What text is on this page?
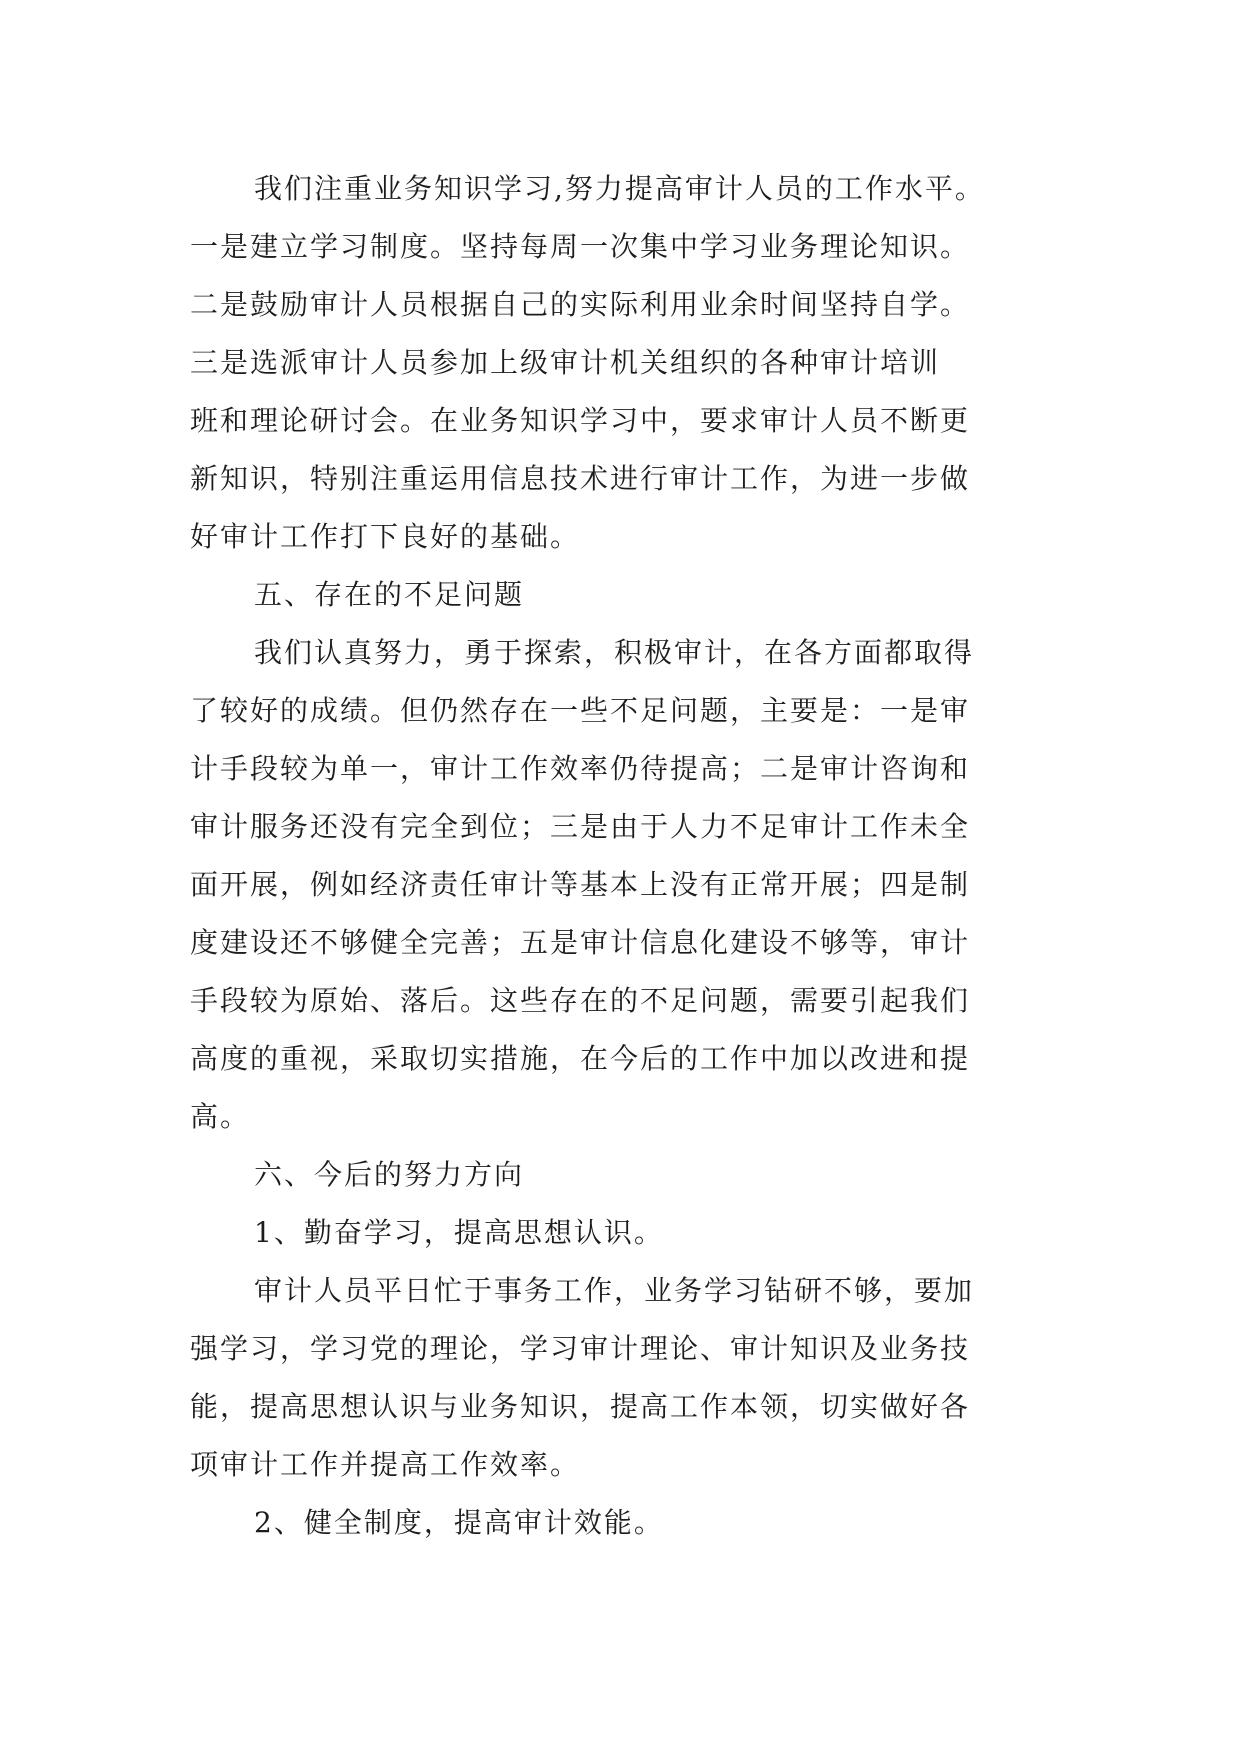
我们注重业务知识学习,努力提高审计人员的工作水平。
一是建立学习制度。坚持每周一次集中学习业务理论知识。
二是鼓励审计人员根据自己的实际利用业余时间坚持自学。
三是选派审计人员参加上级审计机关组织的各种审计培训
班和理论研讨会。在业务知识学习中，要求审计人员不断更
新知识，特别注重运用信息技术进行审计工作，为进一步做
好审计工作打下良好的基础。
五、存在的不足问题
我们认真努力，勇于探索，积极审计，在各方面都取得
了较好的成绩。但仍然存在一些不足问题，主要是：一是审
计手段较为单一，审计工作效率仍待提高；二是审计咨询和
审计服务还没有完全到位；三是由于人力不足审计工作未全
面开展，例如经济责任审计等基本上没有正常开展；四是制
度建设还不够健全完善；五是审计信息化建设不够等，审计
手段较为原始、落后。这些存在的不足问题，需要引起我们
高度的重视，采取切实措施，在今后的工作中加以改进和提
高。
六、今后的努力方向
1、勤奋学习，提高思想认识。
审计人员平日忙于事务工作，业务学习钻研不够，要加
强学习，学习党的理论，学习审计理论、审计知识及业务技
能，提高思想认识与业务知识，提高工作本领，切实做好各
项审计工作并提高工作效率。
2、健全制度，提高审计效能。
